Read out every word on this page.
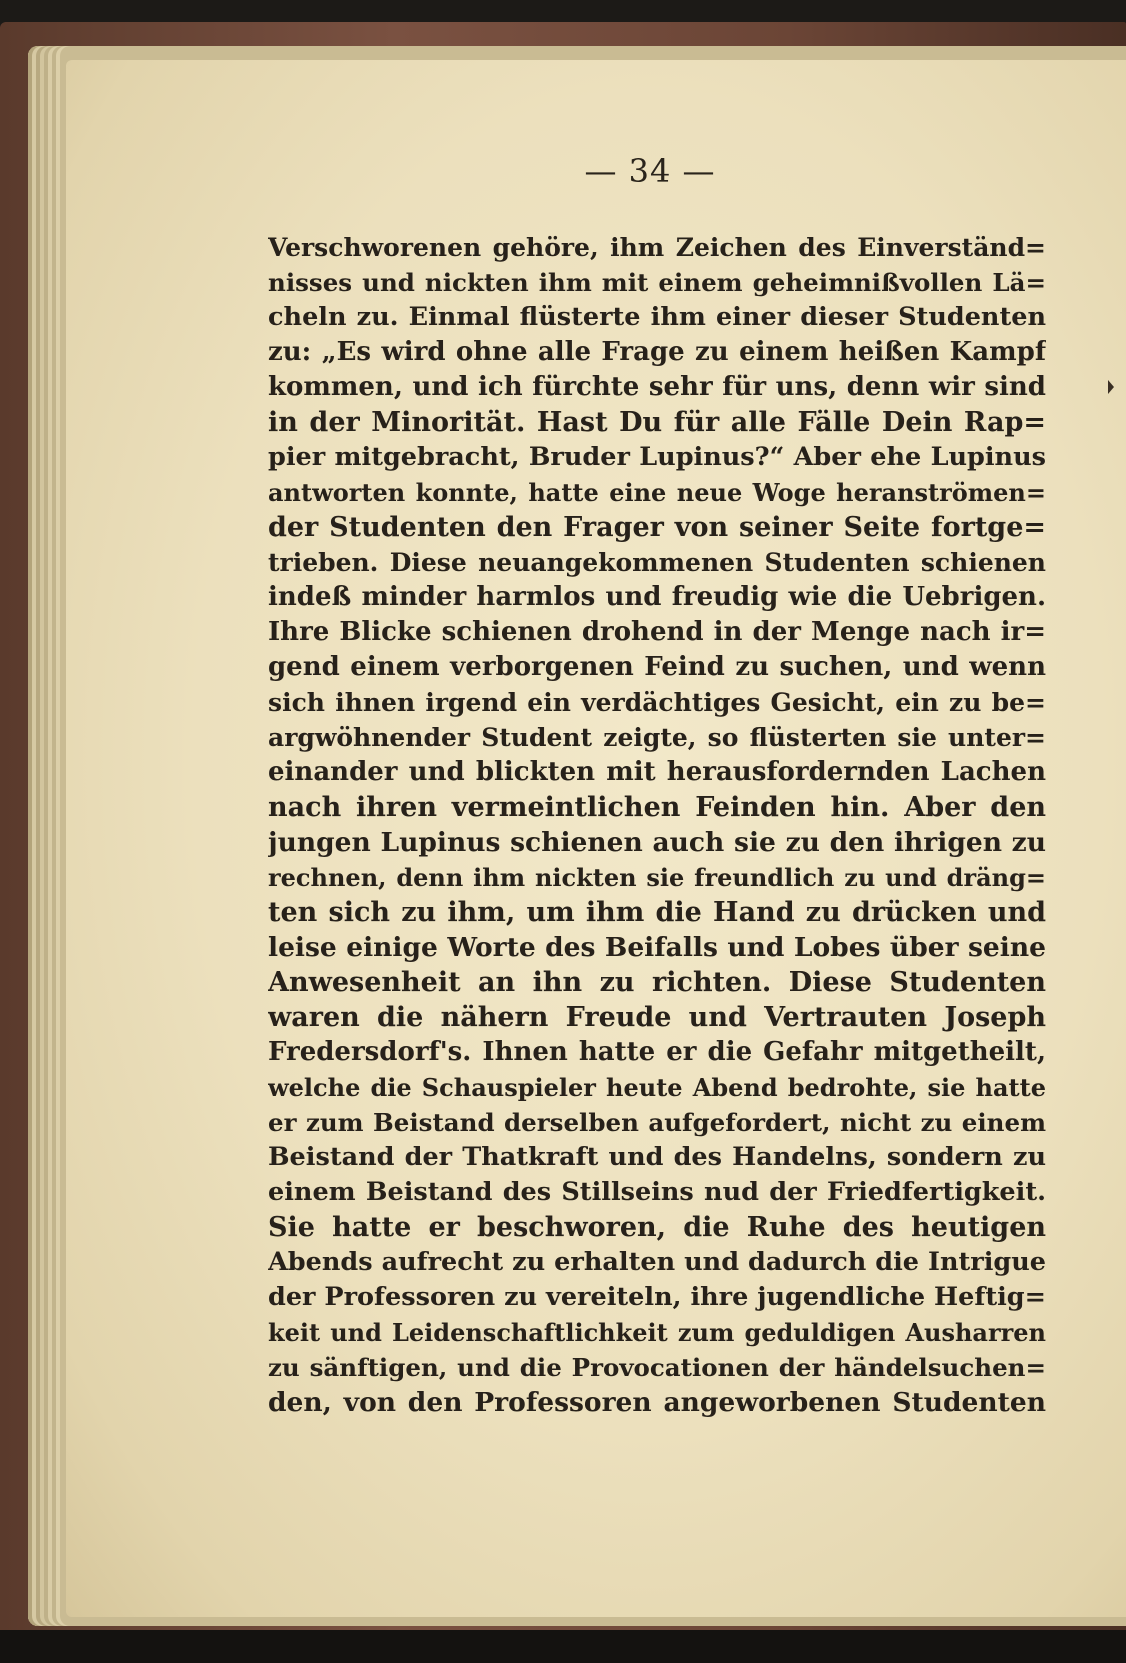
— 34 —
Verschworenen gehöre, ihm Zeichen des Einverständ=
nisses und nickten ihm mit einem geheimnißvollen Lä=
cheln zu. Einmal flüsterte ihm einer dieser Studenten
zu: „Es wird ohne alle Frage zu einem heißen Kampf
kommen, und ich fürchte sehr für uns, denn wir sind
in der Minorität. Hast Du für alle Fälle Dein Rap=
pier mitgebracht, Bruder Lupinus?“ Aber ehe Lupinus
antworten konnte, hatte eine neue Woge heranströmen=
der Studenten den Frager von seiner Seite fortge=
trieben. Diese neuangekommenen Studenten schienen
indeß minder harmlos und freudig wie die Uebrigen.
Ihre Blicke schienen drohend in der Menge nach ir=
gend einem verborgenen Feind zu suchen, und wenn
sich ihnen irgend ein verdächtiges Gesicht, ein zu be=
argwöhnender Student zeigte, so flüsterten sie unter=
einander und blickten mit herausfordernden Lachen
nach ihren vermeintlichen Feinden hin. Aber den
jungen Lupinus schienen auch sie zu den ihrigen zu
rechnen, denn ihm nickten sie freundlich zu und dräng=
ten sich zu ihm, um ihm die Hand zu drücken und
leise einige Worte des Beifalls und Lobes über seine
Anwesenheit an ihn zu richten. Diese Studenten
waren die nähern Freude und Vertrauten Joseph
Fredersdorf's. Ihnen hatte er die Gefahr mitgetheilt,
welche die Schauspieler heute Abend bedrohte, sie hatte
er zum Beistand derselben aufgefordert, nicht zu einem
Beistand der Thatkraft und des Handelns, sondern zu
einem Beistand des Stillseins nud der Friedfertigkeit.
Sie hatte er beschworen, die Ruhe des heutigen
Abends aufrecht zu erhalten und dadurch die Intrigue
der Professoren zu vereiteln, ihre jugendliche Heftig=
keit und Leidenschaftlichkeit zum geduldigen Ausharren
zu sänftigen, und die Provocationen der händelsuchen=
den, von den Professoren angeworbenen Studenten
